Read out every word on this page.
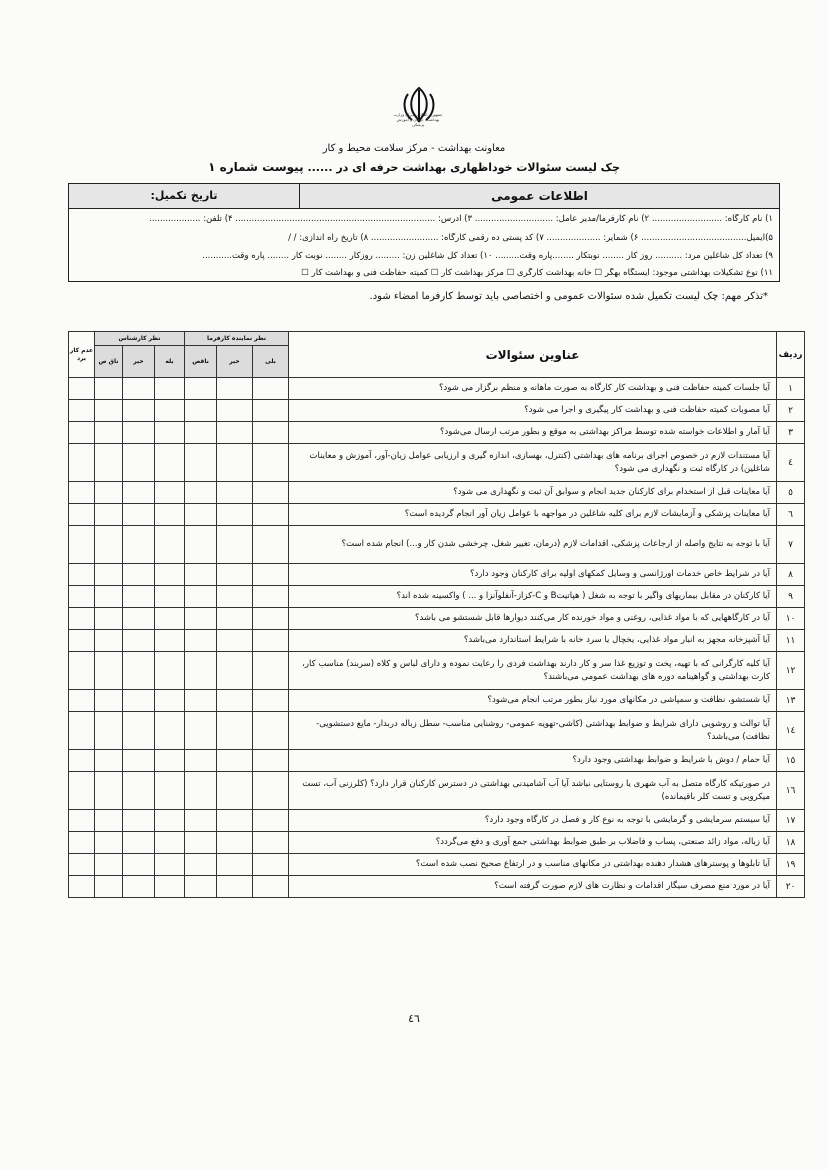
جمهوری اسلامی ایران وزارت بهداشت، درمان و آموزش پزشکی
معاونت بهداشت - مرکز سلامت محیط و کار
چک لیست سئوالات خوداظهاری بهداشت حرفه ای در ...... پیوست شماره ۱
اطلاعات عمومی
تاریخ تکمیل:
۱) نام کارگاه: .......................... ۲) نام کارفرما/مدیر عامل: ............................. ۳) آدرس: .......................................................................... ۴) تلفن: ...................
۵)ایمیل....................................... ۶) شمایر: .................... ۷) کد پستی ده رقمی کارگاه: ......................... ۸) تاریخ راه اندازی: / /
۹) تعداد کل شاغلین مرد: .......... روز کار ........ نوبتکار ........پاره وقت......... ۱۰) تعداد کل شاغلین زن: ......... روزکار ........ نوبت کار ........ پاره وقت...........
۱۱) نوع تشکیلات بهداشتی موجود: ایستگاه بهگر ☐ خانه بهداشت کارگری ☐ مرکز بهداشت کار ☐ کمیته حفاظت فنی و بهداشت کار ☐
*تذکر مهم: چک لیست تکمیل شده سئوالات عمومی و اختصاصی باید توسط کارفرما امضاء شود.
عدم کار برد	نظر کارشناس			نظر نماینده کارفرما			عناوین سئوالات	ردیف
	ناق ص	خیر	بله	ناقص	خیر	بلی		
							آیا جلسات کمیته حفاظت فنی و بهداشت کار کارگاه به صورت ماهانه و منظم برگزار می شود؟	۱
							آیا مصوبات کمیته حفاظت فنی و بهداشت کار پیگیری و اجرا می شود؟	۲
							آیا آمار و اطلاعات خواسته شده توسط مراکز بهداشتی به موقع و بطور مرتب ارسال می‌شود؟	۳
							آیا مستندات لازم در خصوص اجرای برنامه های بهداشتی (کنترل، بهسازی، اندازه گیری و ارزیابی عوامل زیان-آور، آموزش و معاینات شاغلین) در کارگاه ثبت و نگهداری می شود؟	٤
							آیا معاینات قبل از استخدام برای کارکنان جدید انجام و سوابق آن ثبت و نگهداری می شود؟	٥
							آیا معاینات پزشکی و آزمایشات لازم برای کلیه شاغلین در مواجهه با عوامل زیان آور انجام گردیده است؟	٦
							آیا با توجه به نتایج واصله از ارجاعات پزشکی، اقدامات لازم (درمان، تغییر شغل، چرخشی شدن کار و...) انجام شده است؟	۷
							آیا در شرایط خاص خدمات اورژانسی و وسایل کمکهای اولیه برای کارکنان وجود دارد؟	۸
							آیا کارکنان در مقابل بیماریهای واگیر با توجه به شغل ( هپاتیتB و C-کزاز-آنفلوآنزا و ... ) واکسینه شده اند؟	۹
							آیا در کارگاههایی که با مواد غذایی، روغنی و مواد خورنده کار می‌کنند دیوارها قابل شستشو می باشد؟	۱۰
							آیا آشپزخانه مجهز به انبار مواد غذایی، یخچال یا سرد خانه با شرایط استاندارد می‌باشد؟	۱۱
							آیا کلیه کارگرانی که با تهیه، پخت و توزیع غذا سر و کار دارند بهداشت فردی را رعایت نموده و دارای لباس و کلاه (سربند) مناسب کار، کارت بهداشتی و گواهینامه دوره های بهداشت عمومی می‌باشند؟	۱۲
							آیا شستشو، نظافت و سمپاشی در مکانهای مورد نیاز بطور مرتب انجام می‌شود؟	۱۳
							آیا توالت و روشویی دارای شرایط و ضوابط بهداشتی (کاشی-تهویه عمومی- روشنایی مناسب- سطل زباله دربدار- مایع دستشویی- نظافت) می‌باشد؟	۱٤
							آیا حمام / دوش با شرایط و ضوابط بهداشتی وجود دارد؟	۱٥
							در صورتیکه کارگاه متصل به آب شهری یا روستایی نباشد آیا آب آشامیدنی بهداشتی در دسترس کارکنان قرار دارد؟ (کلرزنی آب، تست میکروبی و تست کلر باقیمانده)	۱٦
							آیا سیستم سرمایشی و گرمایشی با توجه به نوع کار و فصل در کارگاه وجود دارد؟	۱۷
							آیا زباله، مواد زائد صنعتی، پساب و فاضلاب بر طبق ضوابط بهداشتی جمع آوری و دفع می‌گردد؟	۱۸
							آیا تابلوها و پوسترهای هشدار دهنده بهداشتی در مکانهای مناسب و در ارتفاع صحیح نصب شده است؟	۱۹
							آیا در مورد منع مصرف سیگار اقدامات و نظارت های لازم صورت گرفته است؟	۲۰
٤٦
